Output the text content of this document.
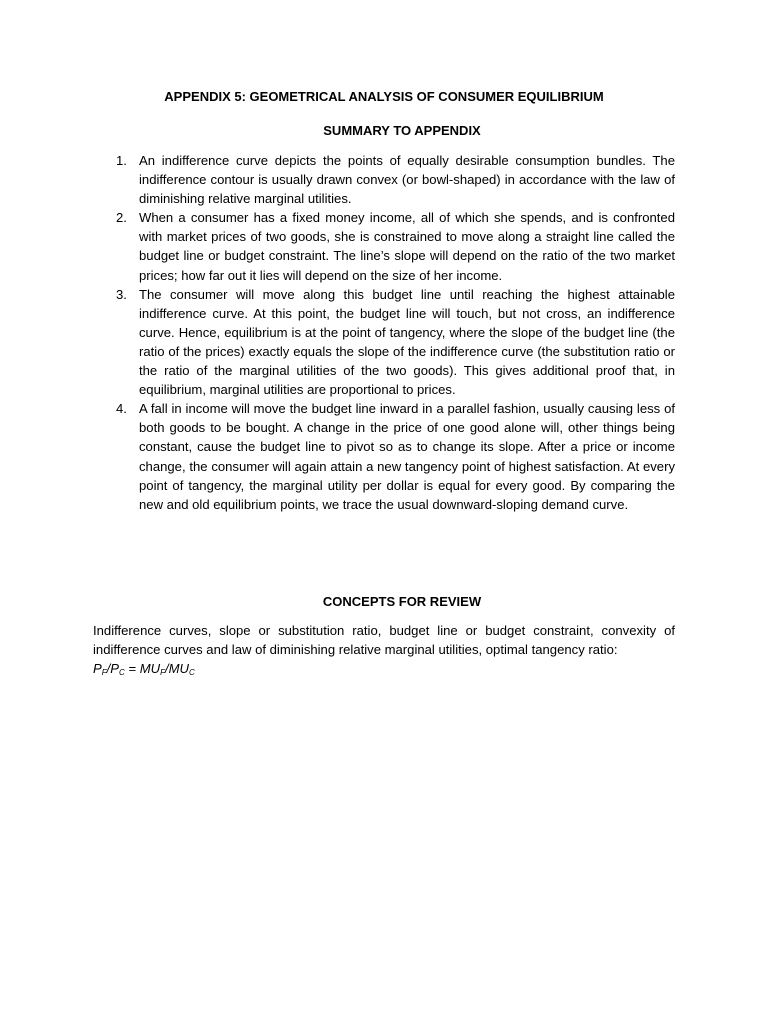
APPENDIX 5: GEOMETRICAL ANALYSIS OF CONSUMER EQUILIBRIUM
SUMMARY TO APPENDIX
1. An indifference curve depicts the points of equally desirable consumption bundles. The indifference contour is usually drawn convex (or bowl-shaped) in accordance with the law of diminishing relative marginal utilities.
2. When a consumer has a fixed money income, all of which she spends, and is confronted with market prices of two goods, she is constrained to move along a straight line called the budget line or budget constraint. The line’s slope will depend on the ratio of the two market prices; how far out it lies will depend on the size of her income.
3. The consumer will move along this budget line until reaching the highest attainable indifference curve. At this point, the budget line will touch, but not cross, an indifference curve. Hence, equilibrium is at the point of tangency, where the slope of the budget line (the ratio of the prices) exactly equals the slope of the indifference curve (the substitution ratio or the ratio of the marginal utilities of the two goods). This gives additional proof that, in equilibrium, marginal utilities are proportional to prices.
4. A fall in income will move the budget line inward in a parallel fashion, usually causing less of both goods to be bought. A change in the price of one good alone will, other things being constant, cause the budget line to pivot so as to change its slope. After a price or income change, the consumer will again attain a new tangency point of highest satisfaction. At every point of tangency, the marginal utility per dollar is equal for every good. By comparing the new and old equilibrium points, we trace the usual downward-sloping demand curve.
CONCEPTS FOR REVIEW

Indifference curves, slope or substitution ratio, budget line or budget constraint, convexity of indifference curves and law of diminishing relative marginal utilities, optimal tangency ratio:
$P_F/P_C = MU_F/MU_C$
